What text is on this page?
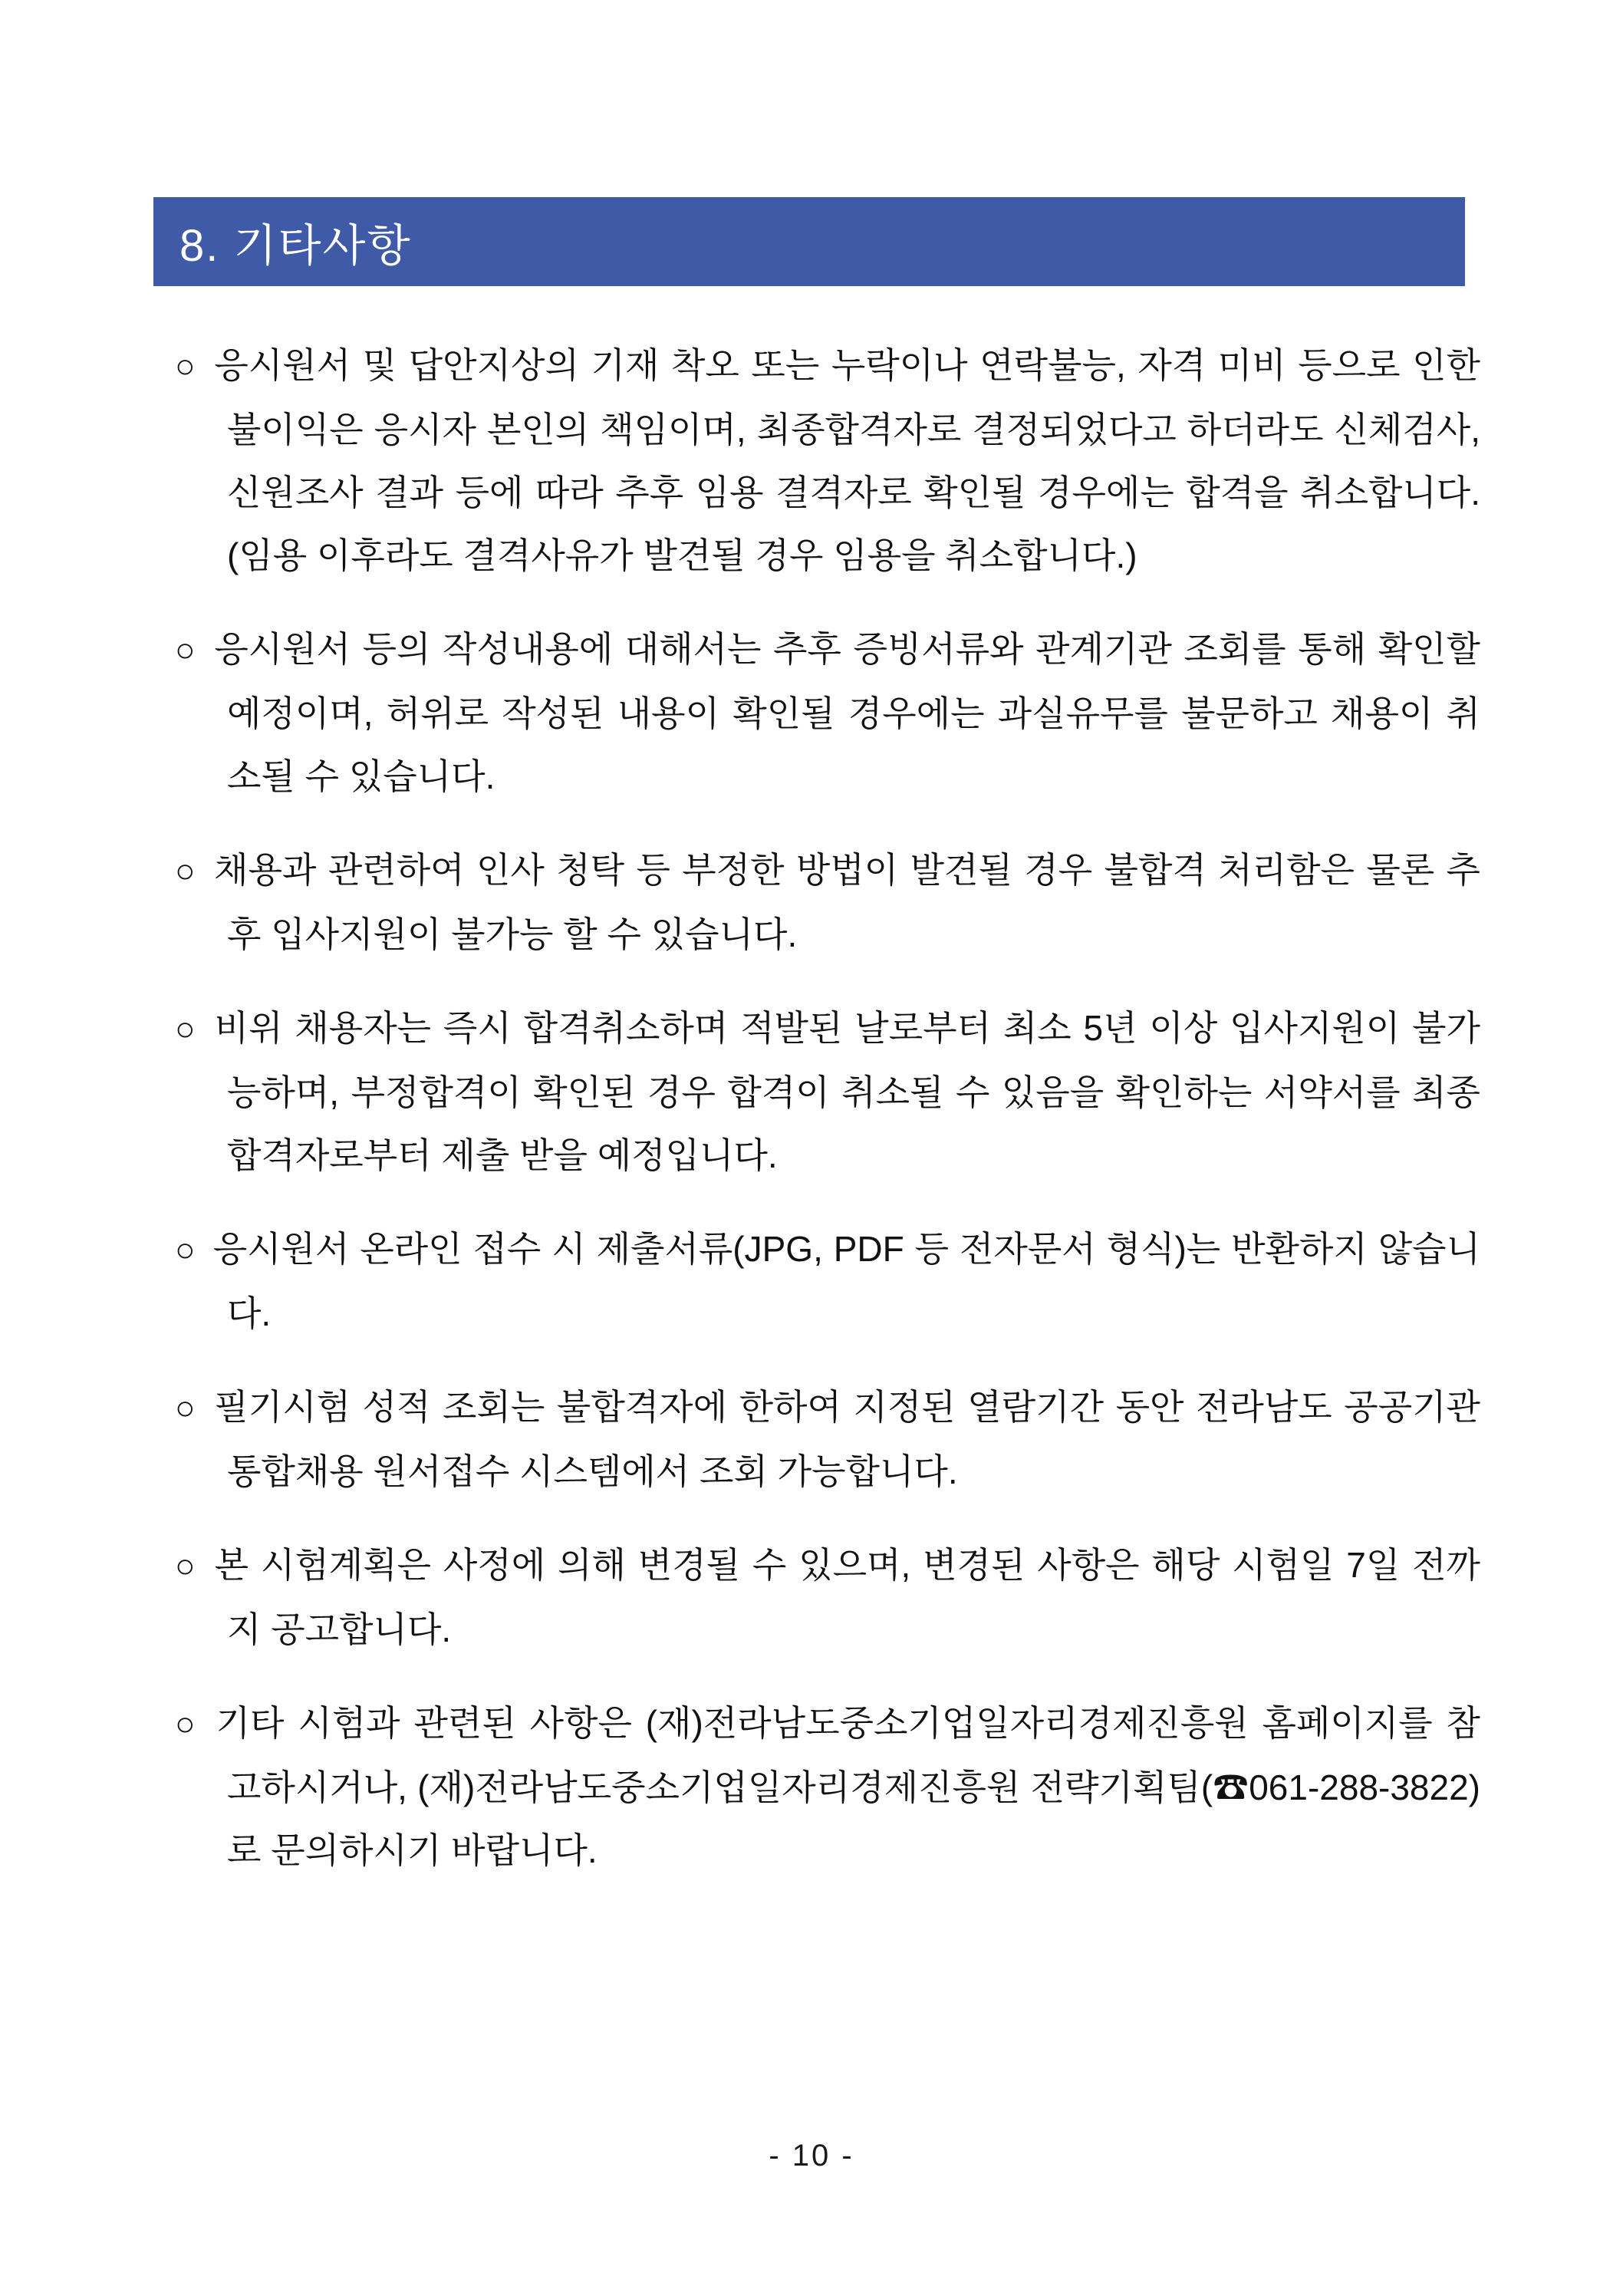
8. 기타사항
○ 응시원서 및 답안지상의 기재 착오 또는 누락이나 연락불능, 자격 미비 등으로 인한 불이익은 응시자 본인의 책임이며, 최종합격자로 결정되었다고 하더라도 신체검사, 신원조사 결과 등에 따라 추후 임용 결격자로 확인될 경우에는 합격을 취소합니다. (임용 이후라도 결격사유가 발견될 경우 임용을 취소합니다.)
○ 응시원서 등의 작성내용에 대해서는 추후 증빙서류와 관계기관 조회를 통해 확인할 예정이며, 허위로 작성된 내용이 확인될 경우에는 과실유무를 불문하고 채용이 취소될 수 있습니다.
○ 채용과 관련하여 인사 청탁 등 부정한 방법이 발견될 경우 불합격 처리함은 물론 추후 입사지원이 불가능 할 수 있습니다.
○ 비위 채용자는 즉시 합격취소하며 적발된 날로부터 최소 5년 이상 입사지원이 불가능하며, 부정합격이 확인된 경우 합격이 취소될 수 있음을 확인하는 서약서를 최종합격자로부터 제출 받을 예정입니다.
○ 응시원서 온라인 접수 시 제출서류(JPG, PDF 등 전자문서 형식)는 반환하지 않습니다.
○ 필기시험 성적 조회는 불합격자에 한하여 지정된 열람기간 동안 전라남도 공공기관 통합채용 원서접수 시스템에서 조회 가능합니다.
○ 본 시험계획은 사정에 의해 변경될 수 있으며, 변경된 사항은 해당 시험일 7일 전까지 공고합니다.
○ 기타 시험과 관련된 사항은 (재)전라남도중소기업일자리경제진흥원 홈페이지를 참고하시거나, (재)전라남도중소기업일자리경제진흥원 전략기획팀(☎061-288-3822)로 문의하시기 바랍니다.
- 10 -
